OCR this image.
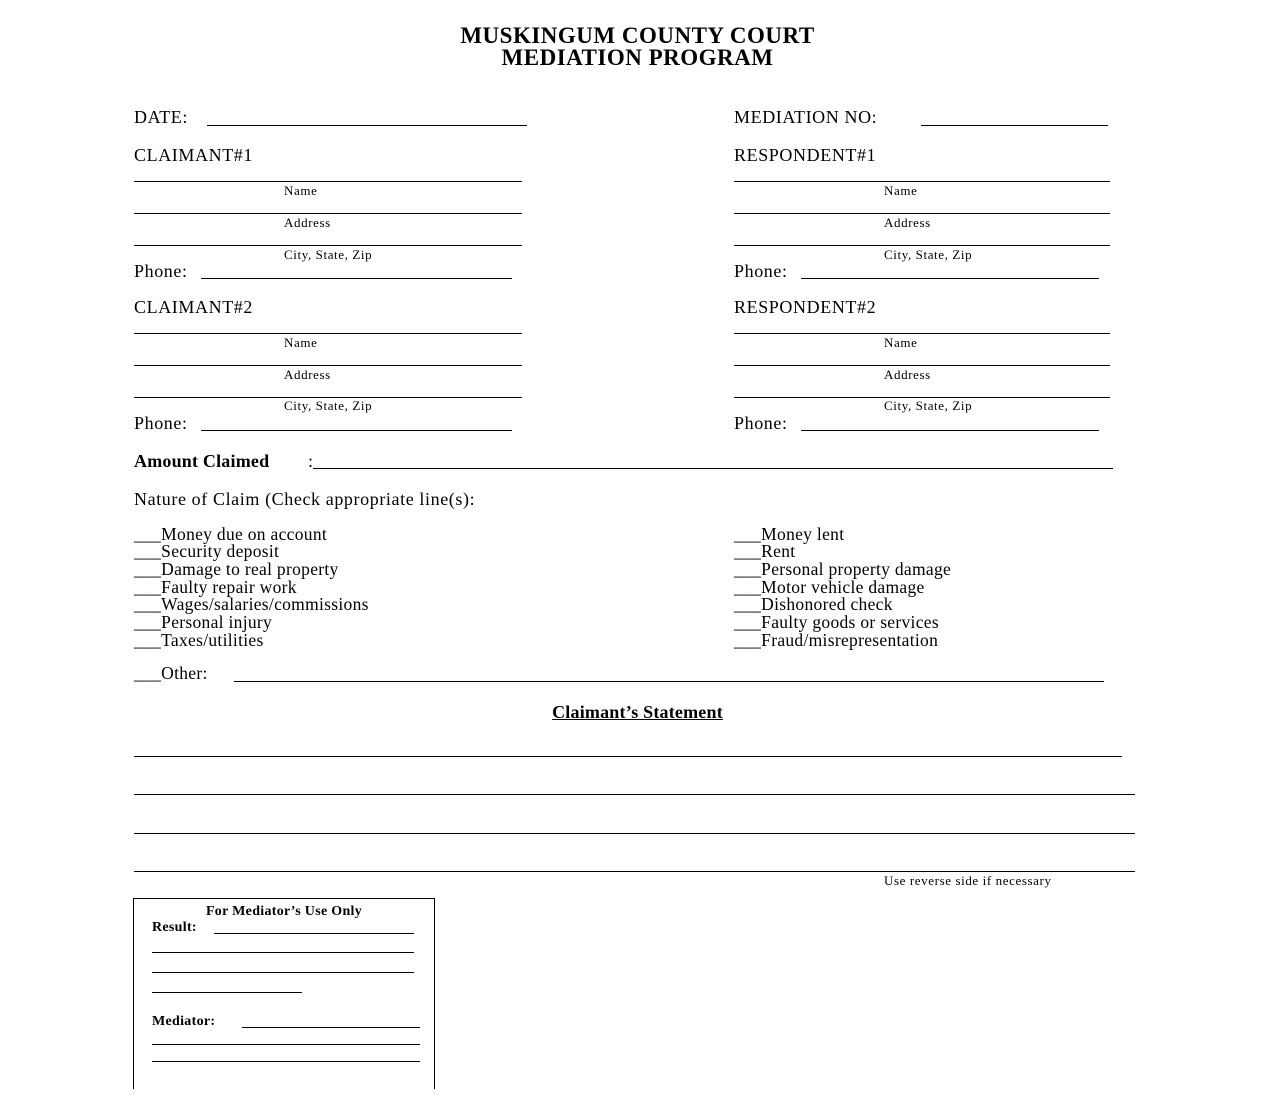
MUSKINGUM COUNTY COURT
MEDIATION PROGRAM
DATE:	MEDIATION NO:
CLAIMANT#1
Name
Address
City, State, Zip
Phone:
RESPONDENT#1
Name
Address
City, State, Zip
Phone:
CLAIMANT#2
Name
Address
City, State, Zip
Phone:
RESPONDENT#2
Name
Address
City, State, Zip
Phone:
Amount Claimed :
Nature of Claim (Check appropriate line(s):
___Money due on account
___Security deposit
___Damage to real property
___Faulty repair work
___Wages/salaries/commissions
___Personal injury
___Taxes/utilities
___Money lent
___Rent
___Personal property damage
___Motor vehicle damage
___Dishonored check
___Faulty goods or services
___Fraud/misrepresentation
___Other:
Claimant’s Statement
Use reverse side if necessary
For Mediator’s Use Only
Result:
Mediator:
